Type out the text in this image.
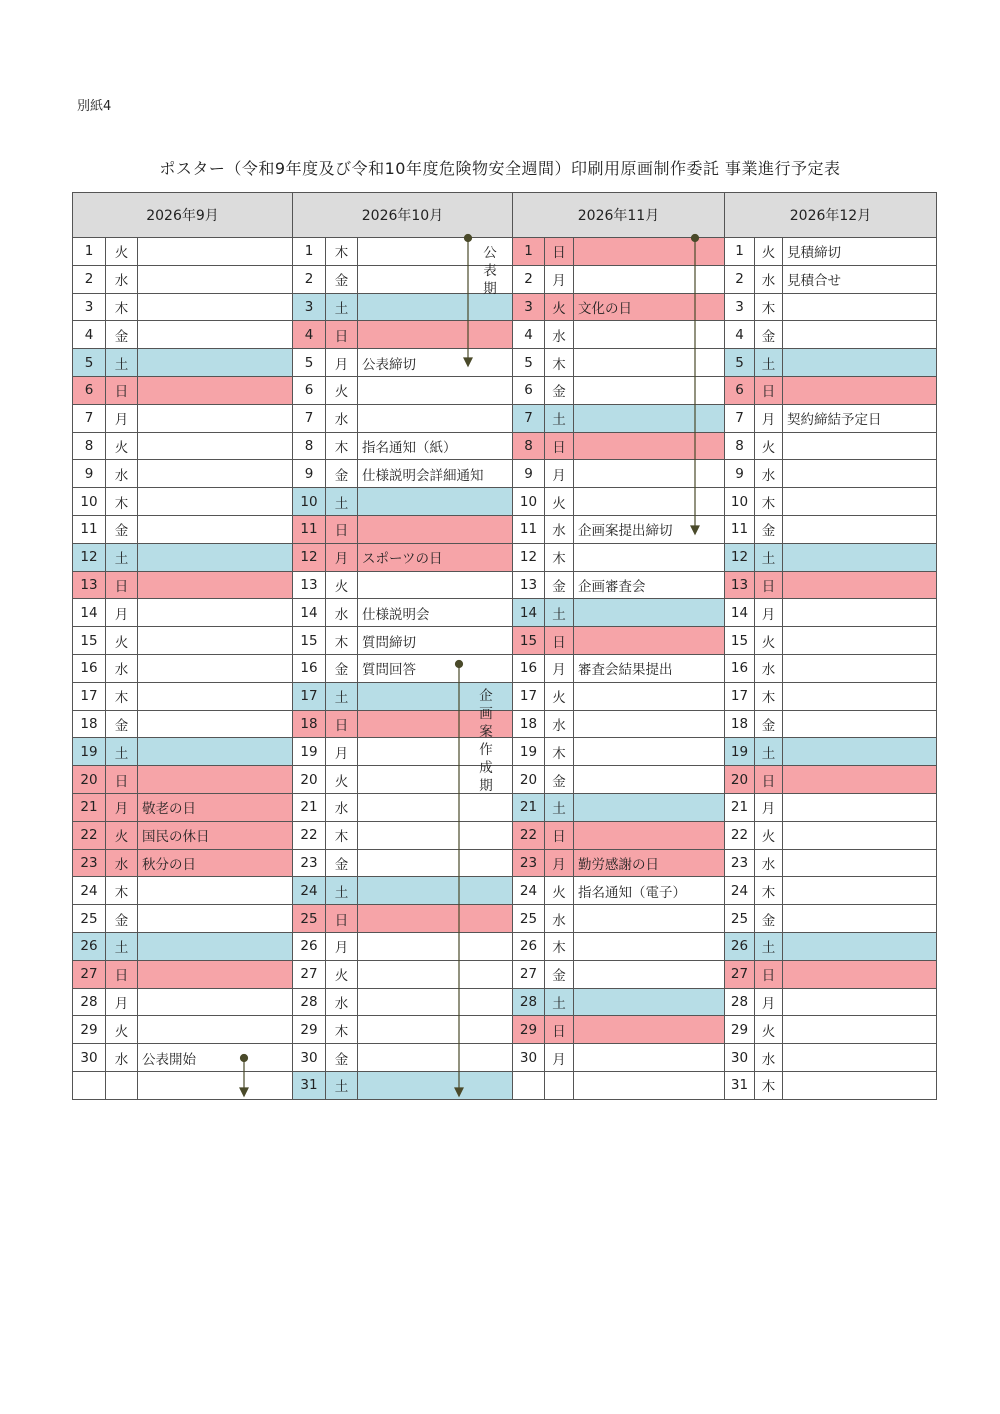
別紙4
ポスター（令和9年度及び令和10年度危険物安全週間）印刷用原画制作委託 事業進行予定表
2026年9月			2026年10月			2026年11月			2026年12月		
1	火		1	木		1	日		1	火	見積締切
2	水		2	金		2	月		2	水	見積合せ
3	木		3	土		3	火	文化の日	3	木	
4	金		4	日		4	水		4	金	
5	土		5	月	公表締切	5	木		5	土	
6	日		6	火		6	金		6	日	
7	月		7	水		7	土		7	月	契約締結予定日
8	火		8	木	指名通知（紙）	8	日		8	火	
9	水		9	金	仕様説明会詳細通知	9	月		9	水	
10	木		10	土		10	火		10	木	
11	金		11	日		11	水	企画案提出締切	11	金	
12	土		12	月	スポーツの日	12	木		12	土	
13	日		13	火		13	金	企画審査会	13	日	
14	月		14	水	仕様説明会	14	土		14	月	
15	火		15	木	質問締切	15	日		15	火	
16	水		16	金	質問回答	16	月	審査会結果提出	16	水	
17	木		17	土		17	火		17	木	
18	金		18	日		18	水		18	金	
19	土		19	月		19	木		19	土	
20	日		20	火		20	金		20	日	
21	月	敬老の日	21	水		21	土		21	月	
22	火	国民の休日	22	木		22	日		22	火	
23	水	秋分の日	23	金		23	月	勤労感謝の日	23	水	
24	木		24	土		24	火	指名通知（電子）	24	木	
25	金		25	日		25	水		25	金	
26	土		26	月		26	木		26	土	
27	日		27	火		27	金		27	日	
28	月		28	水		28	土		28	月	
29	火		29	木		29	日		29	火	
30	水	公表開始	30	金		30	月		30	水	
			31	土					31	木	
公
表
期
企
画
案
作
成
期
